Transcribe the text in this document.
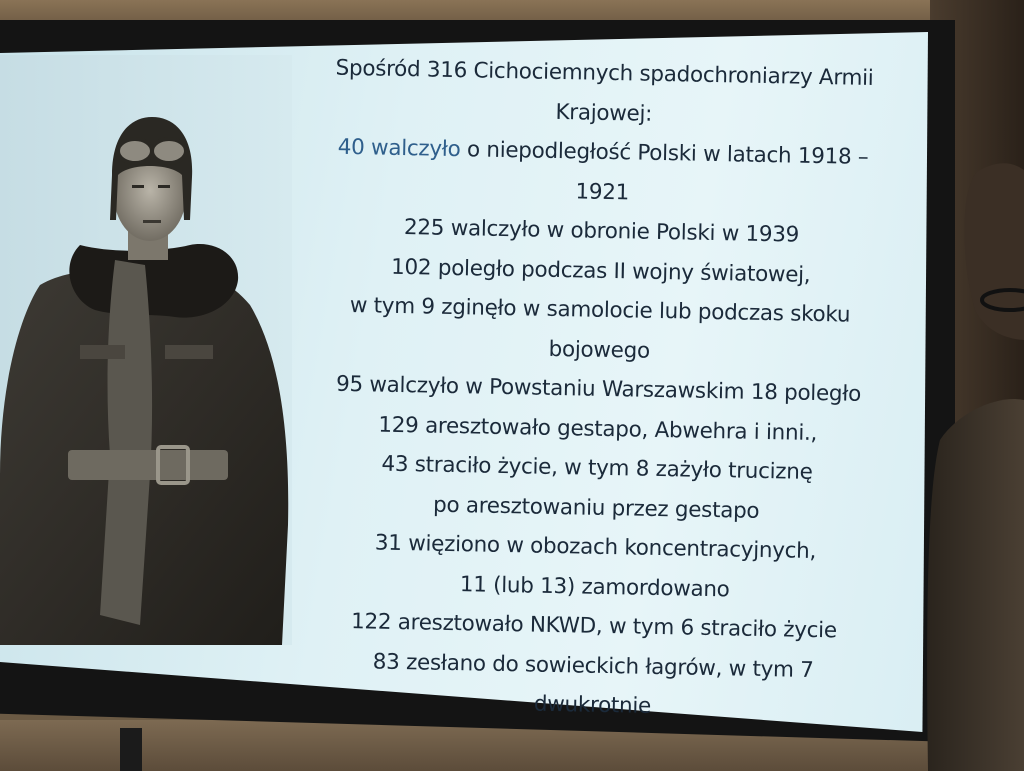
Spośród 316 Cichociemnych spadochroniarzy Armii
Krajowej:
40 walczyło o niepodległość Polski w latach 1918 –
1921
225 walczyło w obronie Polski w 1939
102 poległo podczas II wojny światowej,
w tym 9 zginęło w samolocie lub podczas skoku
bojowego
95 walczyło w Powstaniu Warszawskim 18 poległo
129 aresztowało gestapo, Abwehra i inni.,
43 straciło życie, w tym 8 zażyło truciznę
po aresztowaniu przez gestapo
31 więziono w obozach koncentracyjnych,
11 (lub 13) zamordowano
122 aresztowało NKWD, w tym 6 straciło życie
83 zesłano do sowieckich łagrów, w tym 7
dwukrotnie
